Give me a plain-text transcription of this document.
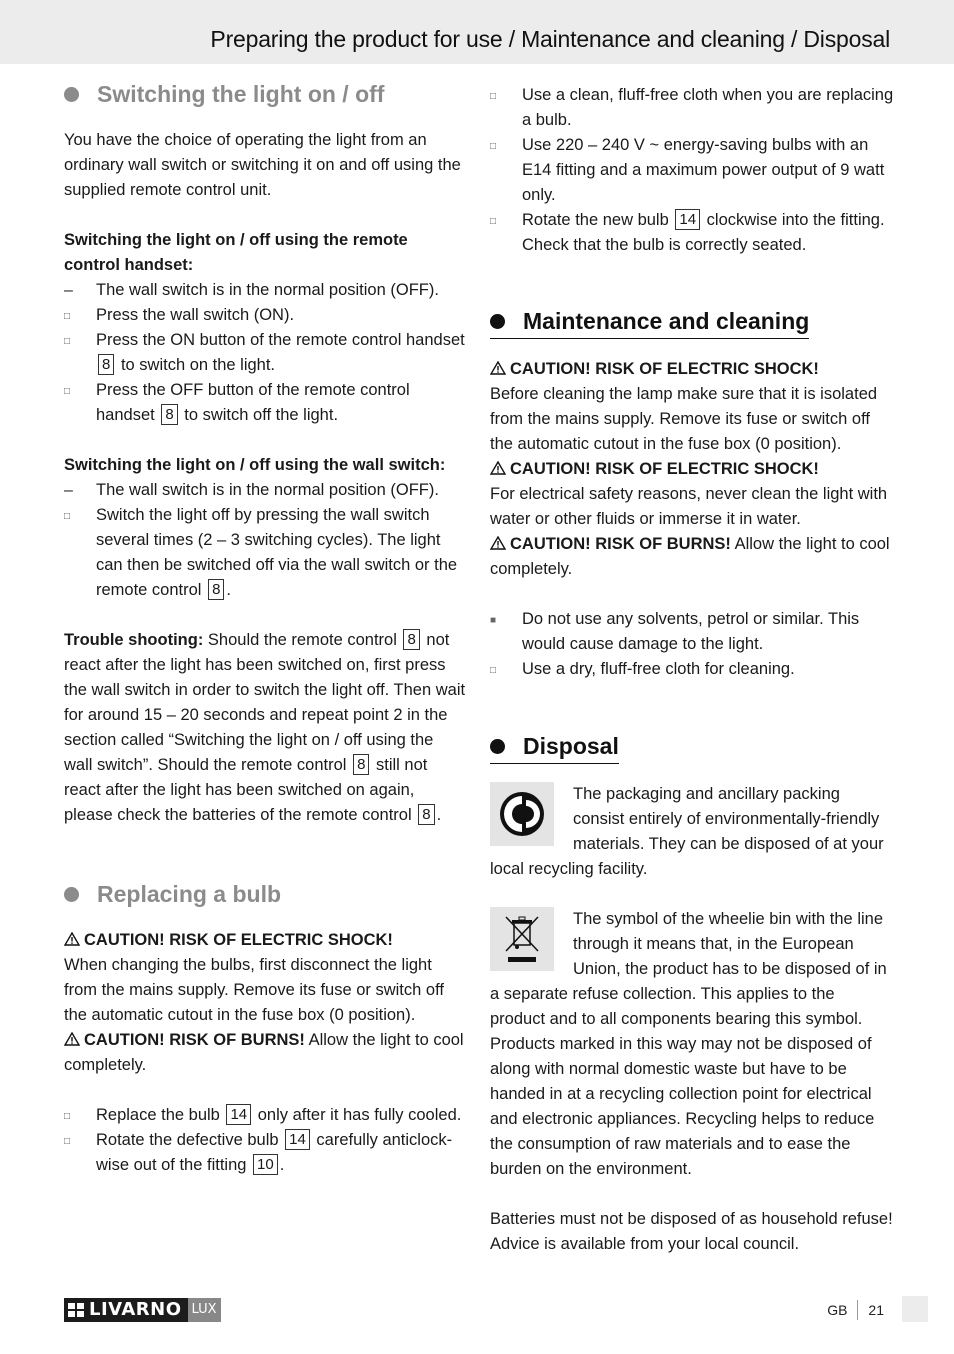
Preparing the product for use / Maintenance and cleaning / Disposal
Switching the light on / off

You have the choice of operating the light from an ordinary wall switch or switching it on and off using the supplied remote control unit.

Switching the light on / off using the remote control handset:

–	The wall switch is in the normal position (OFF).
□	Press the wall switch (ON).
□	Press the ON button of the remote control handset 8 to switch on the light.
□	Press the OFF button of the remote control handset 8 to switch off the light.

Switching the light on / off using the wall switch:

–	The wall switch is in the normal position (OFF).
□	Switch the light off by pressing the wall switch several times (2 – 3 switching cycles). The light can then be switched off via the wall switch or the remote control 8 .

Trouble shooting: Should the remote control 8 not react after the light has been switched on, first press the wall switch in order to switch the light off. Then wait for around 15 – 20 seconds and repeat point 2 in the section called “Switching the light on / off using the wall switch”. Should the remote control 8 still not react after the light has been switched on again, please check the batteries of the remote control 8 .

Replacing a bulb

CAUTION! RISK OF ELECTRIC SHOCK!

When changing the bulbs, first disconnect the light from the mains supply. Remove its fuse or switch off the automatic cutout in the fuse box (0 position).

CAUTION! RISK OF BURNS! Allow the light to cool completely.

□	Replace the bulb 14 only after it has fully cooled.
□	Rotate the defective bulb 14 carefully anticlock-wise out of the fitting 10 .
□	Use a clean, fluff-free cloth when you are replacing a bulb.
□	Use 220 – 240 V ~ energy-saving bulbs with an E14 fitting and a maximum power output of 9 watt only.
□	Rotate the new bulb 14 clockwise into the fitting. Check that the bulb is correctly seated.
Maintenance and cleaning

CAUTION! RISK OF ELECTRIC SHOCK!

Before cleaning the lamp make sure that it is isolated from the mains supply. Remove its fuse or switch off the automatic cutout in the fuse box (0 position).

CAUTION! RISK OF ELECTRIC SHOCK!

For electrical safety reasons, never clean the light with water or other fluids or immerse it in water.

CAUTION! RISK OF BURNS! Allow the light to cool completely.

■	Do not use any solvents, petrol or similar. This would cause damage to the light.
□	Use a dry, fluff-free cloth for cleaning.
Disposal

The packaging and ancillary packing consist entirely of environmentally-friendly materials. They can be disposed of at your local recycling facility.

The symbol of the wheelie bin with the line through it means that, in the European Union, the product has to be disposed of in a separate refuse collection. This applies to the product and to all components bearing this symbol. Products marked in this way may not be disposed of along with normal domestic waste but have to be handed in at a recycling collection point for electrical and electronic appliances. Recycling helps to reduce the consumption of raw materials and to ease the burden on the environment.

Batteries must not be disposed of as household refuse! Advice is available from your local council.

LIVARNO LUX	GB 21
